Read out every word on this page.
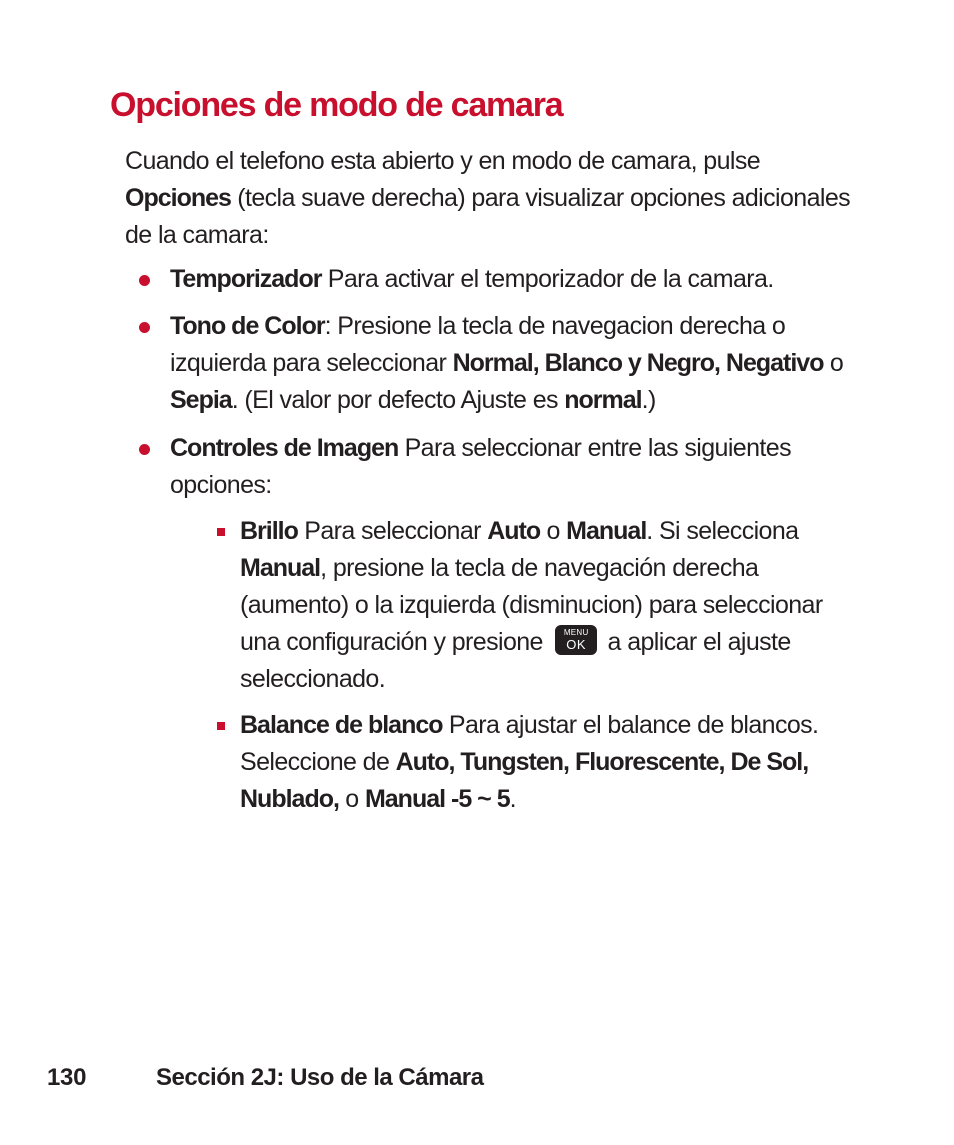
Opciones de modo de camara

Cuando el telefono esta abierto y en modo de camara, pulse Opciones (tecla suave derecha) para visualizar opciones adicionales de la camara:

Temporizador Para activar el temporizador de la camara.

Tono de Color: Presione la tecla de navegacion derecha o izquierda para seleccionar Normal, Blanco y Negro, Negativo o Sepia. (El valor por defecto Ajuste es normal.)

Controles de Imagen Para seleccionar entre las siguientes opciones:

Brillo Para seleccionar Auto o Manual. Si selecciona Manual, presione la tecla de navegación derecha (aumento) o la izquierda (disminucion) para seleccionar una configuración y presione	MENU
OK a aplicar el ajuste seleccionado.

Balance de blanco Para ajustar el balance de blancos. Seleccione de Auto, Tungsten, Fluorescente, De Sol, Nublado, o Manual -5 ~ 5.

130	Sección 2J: Uso de la Cámara
